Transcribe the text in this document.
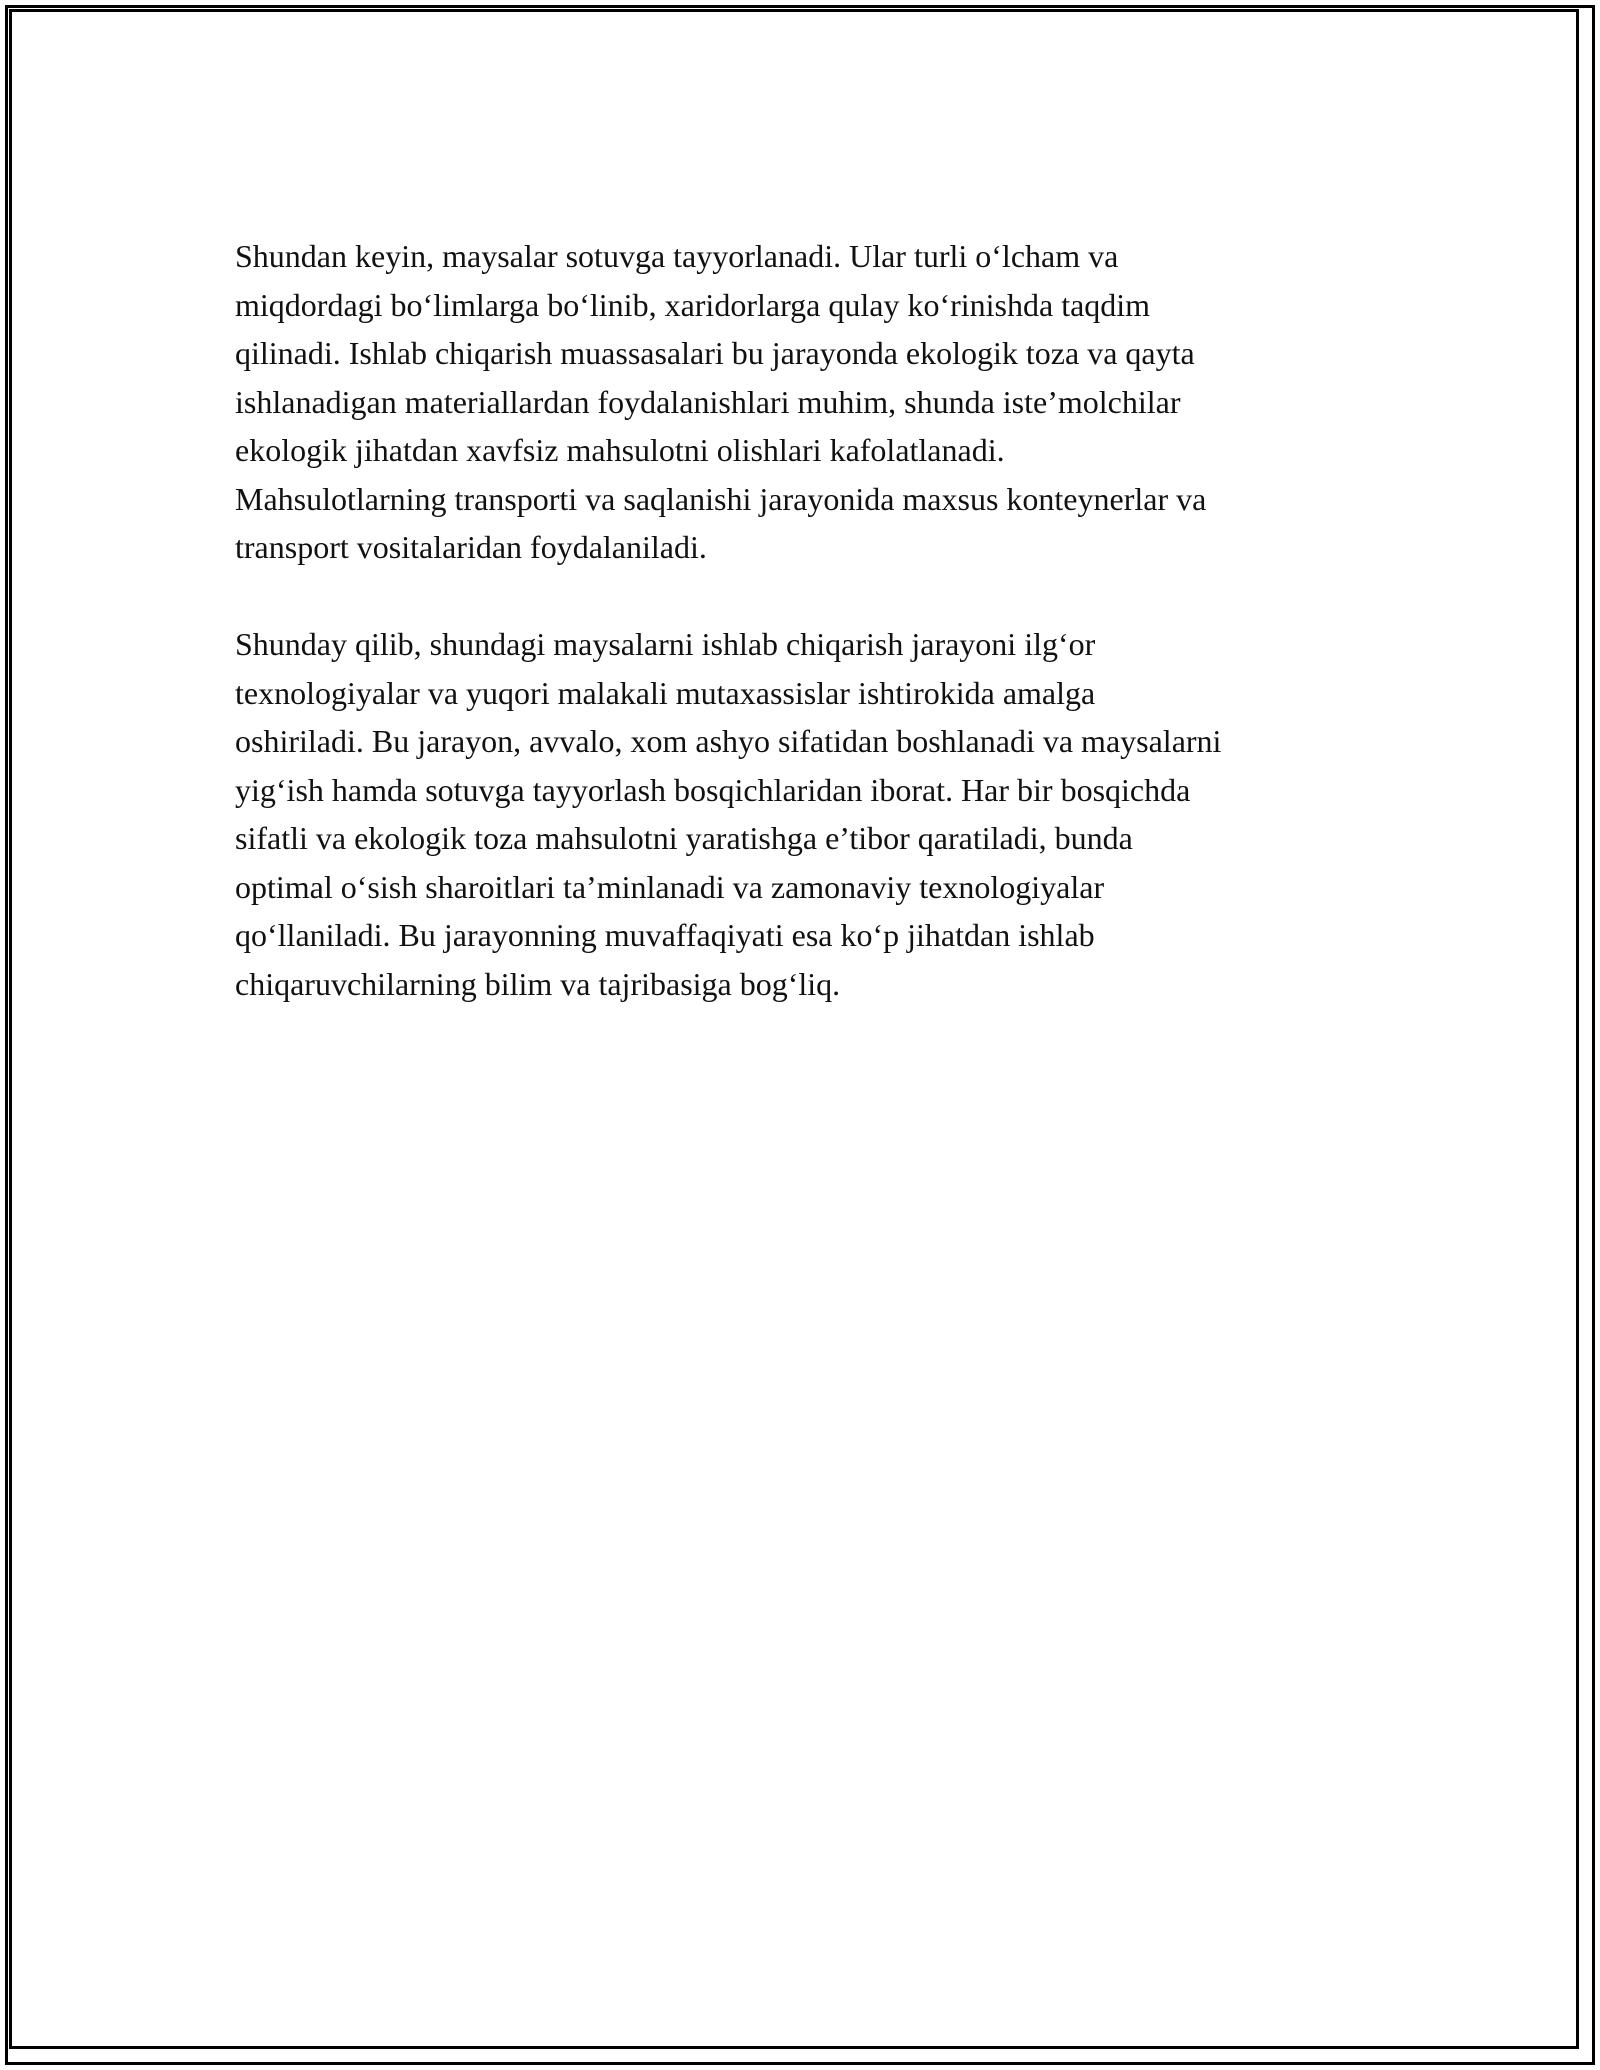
Shundan keyin, maysalar sotuvga tayyorlanadi. Ular turli o‘lcham va
miqdordagi bo‘limlarga bo‘linib, xaridorlarga qulay ko‘rinishda taqdim
qilinadi. Ishlab chiqarish muassasalari bu jarayonda ekologik toza va qayta
ishlanadigan materiallardan foydalanishlari muhim, shunda iste’molchilar
ekologik jihatdan xavfsiz mahsulotni olishlari kafolatlanadi.
Mahsulotlarning transporti va saqlanishi jarayonida maxsus konteynerlar va
transport vositalaridan foydalaniladi.

Shunday qilib, shundagi maysalarni ishlab chiqarish jarayoni ilg‘or
texnologiyalar va yuqori malakali mutaxassislar ishtirokida amalga
oshiriladi. Bu jarayon, avvalo, xom ashyo sifatidan boshlanadi va maysalarni
yig‘ish hamda sotuvga tayyorlash bosqichlaridan iborat. Har bir bosqichda
sifatli va ekologik toza mahsulotni yaratishga e’tibor qaratiladi, bunda
optimal o‘sish sharoitlari ta’minlanadi va zamonaviy texnologiyalar
qo‘llaniladi. Bu jarayonning muvaffaqiyati esa ko‘p jihatdan ishlab
chiqaruvchilarning bilim va tajribasiga bog‘liq.
